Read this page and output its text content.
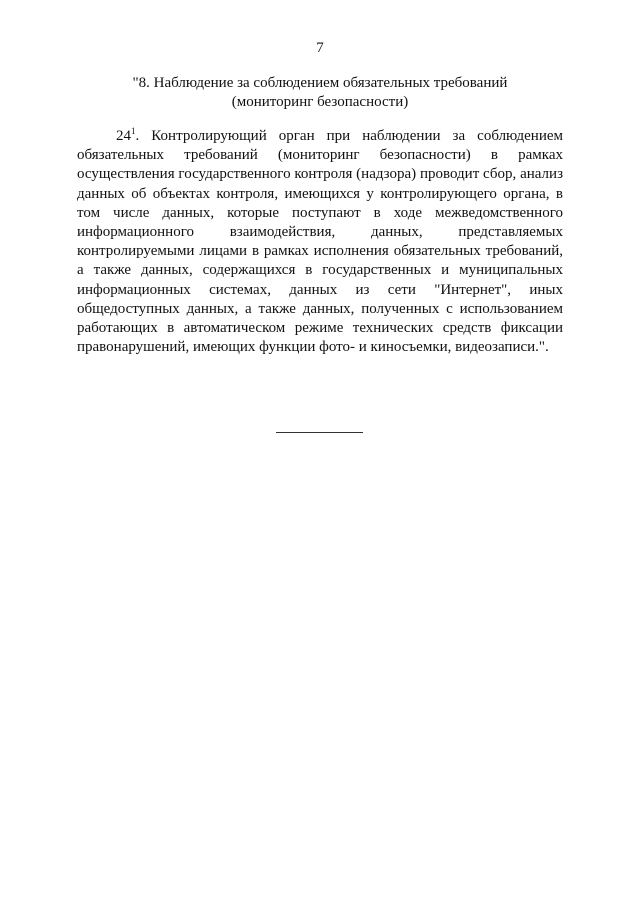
7
"8. Наблюдение за соблюдением обязательных требований
(мониторинг безопасности)

$24^1$. Контролирующий орган при наблюдении за соблюдением обязательных требований (мониторинг безопасности) в рамках осуществления государственного контроля (надзора) проводит сбор, анализ данных об объектах контроля, имеющихся у контролирующего органа, в том числе данных, которые поступают в ходе межведомственного информационного взаимодействия, данных, представляемых контролируемыми лицами в рамках исполнения обязательных требований, а также данных, содержащихся в государственных и муниципальных информационных системах, данных из сети "Интернет", иных общедоступных данных, а также данных, полученных с использованием работающих в автоматическом режиме технических средств фиксации правонарушений, имеющих функции фото- и киносъемки, видеозаписи.".
